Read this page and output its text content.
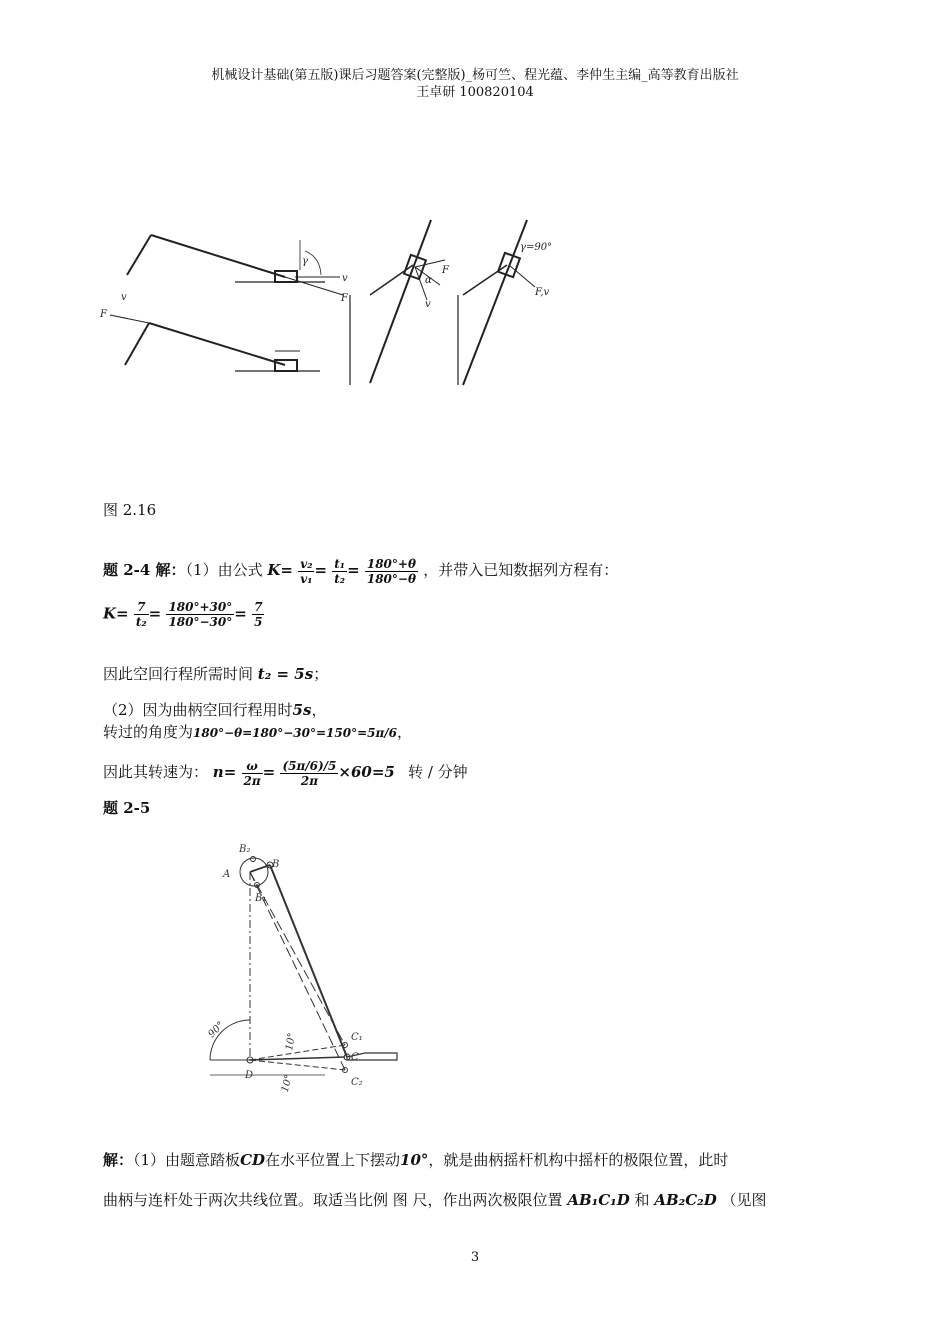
机械设计基础(第五版)课后习题答案(完整版)_杨可竺、程光蕴、李仲生主编_高等教育出版社
王卓研 100820104
v
F
γ
F
v
F
v
α
γ=90°
F,v
图 2.16
题 2-4 解：（1）由公式 $K= \frac{\text{v₂}}{\text{v₁}} = \frac{\text{t₁}}{\text{t₂}} = \frac{180^\circ+\theta}{180^\circ-\theta}$ ，并带入已知数据列方程有：
$K= \frac{7}{\text{t₂}} = \frac{180^\circ+30^\circ}{180^\circ-30^\circ} = \frac{7}{5}$
因此空回行程所需时间 t₂ = 5s；
（2）因为曲柄空回行程用时5s，
转过的角度为180°−θ=180°−30°=150°=5π/6，
因此其转速为： $n= \frac{\omega}{2\pi} = \frac{(5\pi/6)/5}{2\pi} \times 60=5$ 转 / 分钟
题 2-5
A
B
B₂
B₁
C
C₁
C₂
D
90°
10°
10°
解：（1）由题意踏板CD在水平位置上下摆动10°，就是曲柄摇杆机构中摇杆的极限位置，此时
曲柄与连杆处于两次共线位置。取适当比例 图 尺，作出两次极限位置 AB₁C₁D 和 AB₂C₂D （见图
3
